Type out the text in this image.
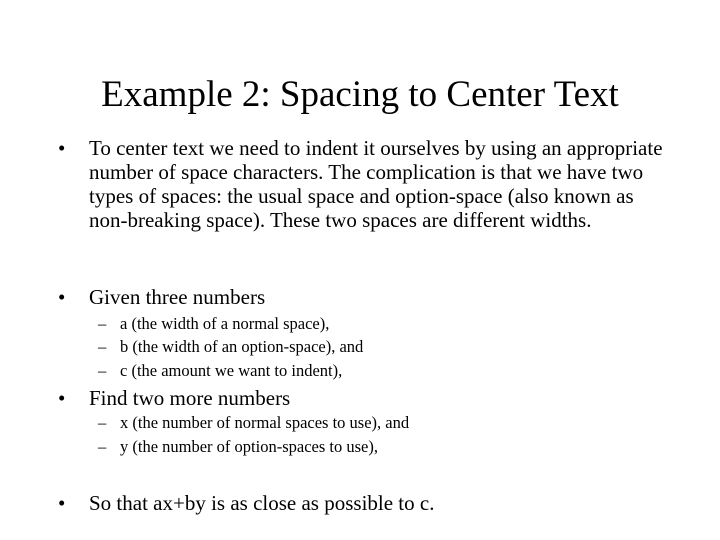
Example 2: Spacing to Center Text
• To center text we need to indent it ourselves by using an appropriate number of space characters. The complication is that we have two types of spaces: the usual space and option-space (also known as non-breaking space). These two spaces are different widths.
• Given three numbers
– a (the width of a normal space),
– b (the width of an option-space), and
– c (the amount we want to indent),
• Find two more numbers
– x (the number of normal spaces to use), and
– y (the number of option-spaces to use),
• So that ax+by is as close as possible to c.
